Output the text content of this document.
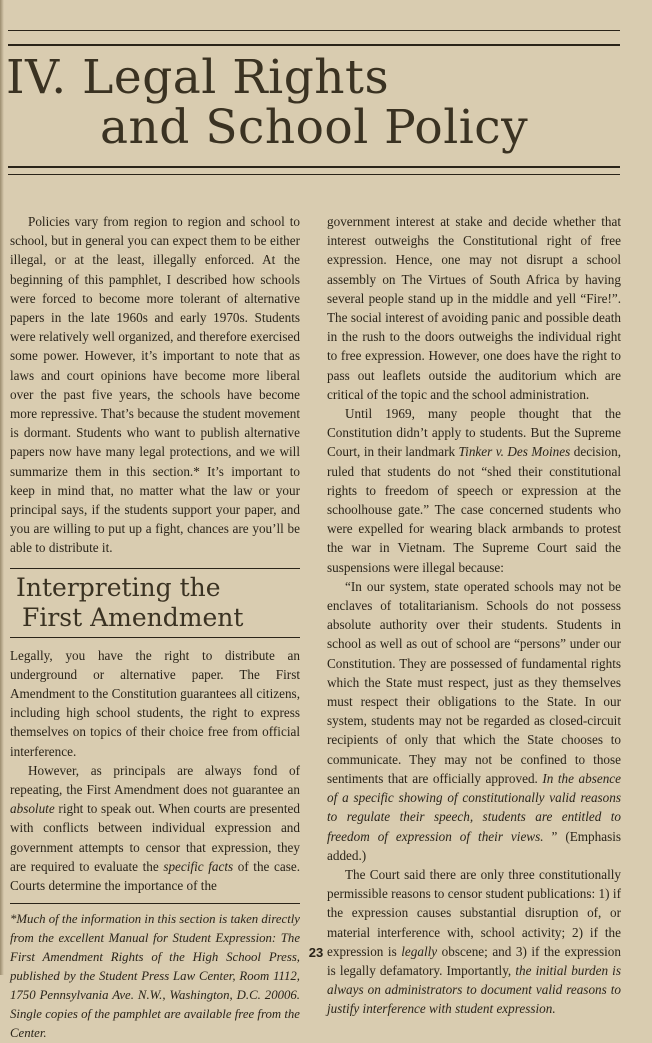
IV. Legal Rights
and School Policy

Policies vary from region to region and school to school, but in general you can expect them to be either illegal, or at the least, illegally enforced. At the beginning of this pamphlet, I described how schools were forced to become more tolerant of alternative papers in the late 1960s and early 1970s. Students were relatively well organized, and therefore exercised some power. However, it’s important to note that as laws and court opinions have become more liberal over the past five years, the schools have become more repressive. That’s because the student movement is dormant. Students who want to publish alternative papers now have many legal protections, and we will summarize them in this section.* It’s important to keep in mind that, no matter what the law or your principal says, if the students support your paper, and you are willing to put up a fight, chances are you’ll be able to distribute it.

Interpreting the
First Amendment

Legally, you have the right to distribute an underground or alternative paper. The First Amendment to the Constitution guarantees all citizens, including high school students, the right to express themselves on topics of their choice free from official interference.

However, as principals are always fond of repeating, the First Amendment does not guarantee an absolute right to speak out. When courts are presented with conflicts between individual expression and government attempts to censor that expression, they are required to evaluate the specific facts of the case. Courts determine the importance of the

*Much of the information in this section is taken directly from the excellent Manual for Student Expression: The First Amendment Rights of the High School Press, published by the Student Press Law Center, Room 1112, 1750 Pennsylvania Ave. N.W., Washington, D.C. 20006. Single copies of the pamphlet are available free from the Center.

government interest at stake and decide whether that interest outweighs the Constitutional right of free expression. Hence, one may not disrupt a school assembly on The Virtues of South Africa by having several people stand up in the middle and yell “Fire!”. The social interest of avoiding panic and possible death in the rush to the doors outweighs the individual right to free expression. However, one does have the right to pass out leaflets outside the auditorium which are critical of the topic and the school administration.

Until 1969, many people thought that the Constitution didn’t apply to students. But the Supreme Court, in their landmark Tinker v. Des Moines decision, ruled that students do not “shed their constitutional rights to freedom of speech or expression at the schoolhouse gate.” The case concerned students who were expelled for wearing black armbands to protest the war in Vietnam. The Supreme Court said the suspensions were illegal because:

“In our system, state operated schools may not be enclaves of totalitarianism. Schools do not possess absolute authority over their students. Students in school as well as out of school are “persons” under our Constitution. They are possessed of fundamental rights which the State must respect, just as they themselves must respect their obligations to the State. In our system, students may not be regarded as closed-circuit recipients of only that which the State chooses to communicate. They may not be confined to those sentiments that are officially approved. In the absence of a specific showing of constitutionally valid reasons to regulate their speech, students are entitled to freedom of expression of their views. ” (Emphasis added.)

The Court said there are only three constitutionally permissible reasons to censor student publications: 1) if the expression causes substantial disruption of, or material interference with, school activity; 2) if the expression is legally obscene; and 3) if the expression is legally defamatory. Importantly, the initial burden is always on administrators to document valid reasons to justify interference with student expression.

23
